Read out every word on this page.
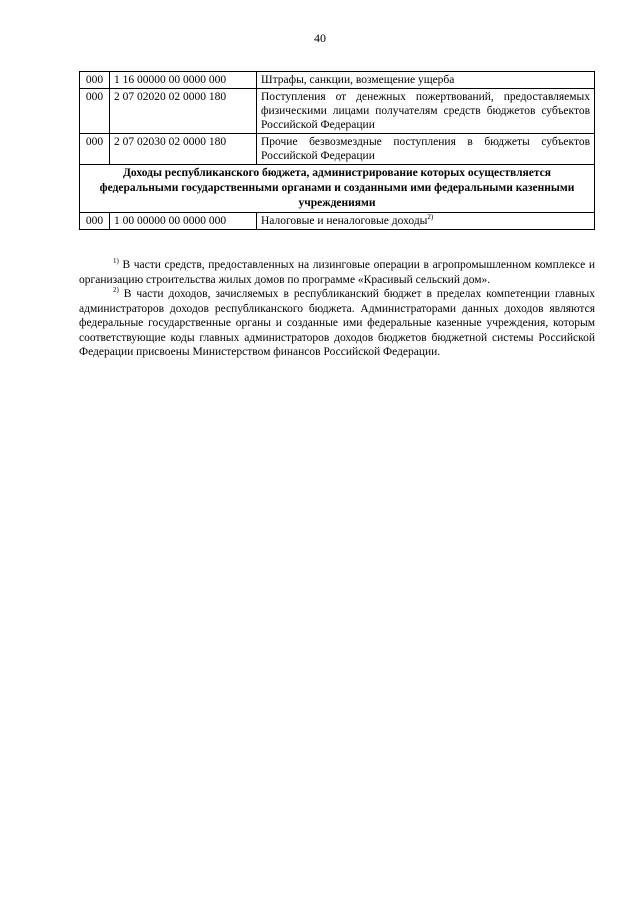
40
000	1 16 00000 00 0000 000	Штрафы, санкции, возмещение ущерба
000	2 07 02020 02 0000 180	Поступления от денежных пожертвований, предоставляемых физическими лицами получателям средств бюджетов субъектов Российской Федерации
000	2 07 02030 02 0000 180	Прочие безвозмездные поступления в бюджеты субъектов Российской Федерации
Доходы республиканского бюджета, администрирование которых осуществляется федеральными государственными органами и созданными ими федеральными казенными учреждениями		
000	1 00 00000 00 0000 000	Налоговые и неналоговые доходы$^{2)}$

$^{1)}$ В части средств, предоставленных на лизинговые операции в агропромышленном комплексе и организацию строительства жилых домов по программе «Красивый сельский дом».

$^{2)}$ В части доходов, зачисляемых в республиканский бюджет в пределах компетенции главных администраторов доходов республиканского бюджета. Администраторами данных доходов являются федеральные государственные органы и созданные ими федеральные казенные учреждения, которым соответствующие коды главных администраторов доходов бюджетов бюджетной системы Российской Федерации присвоены Министерством финансов Российской Федерации.
